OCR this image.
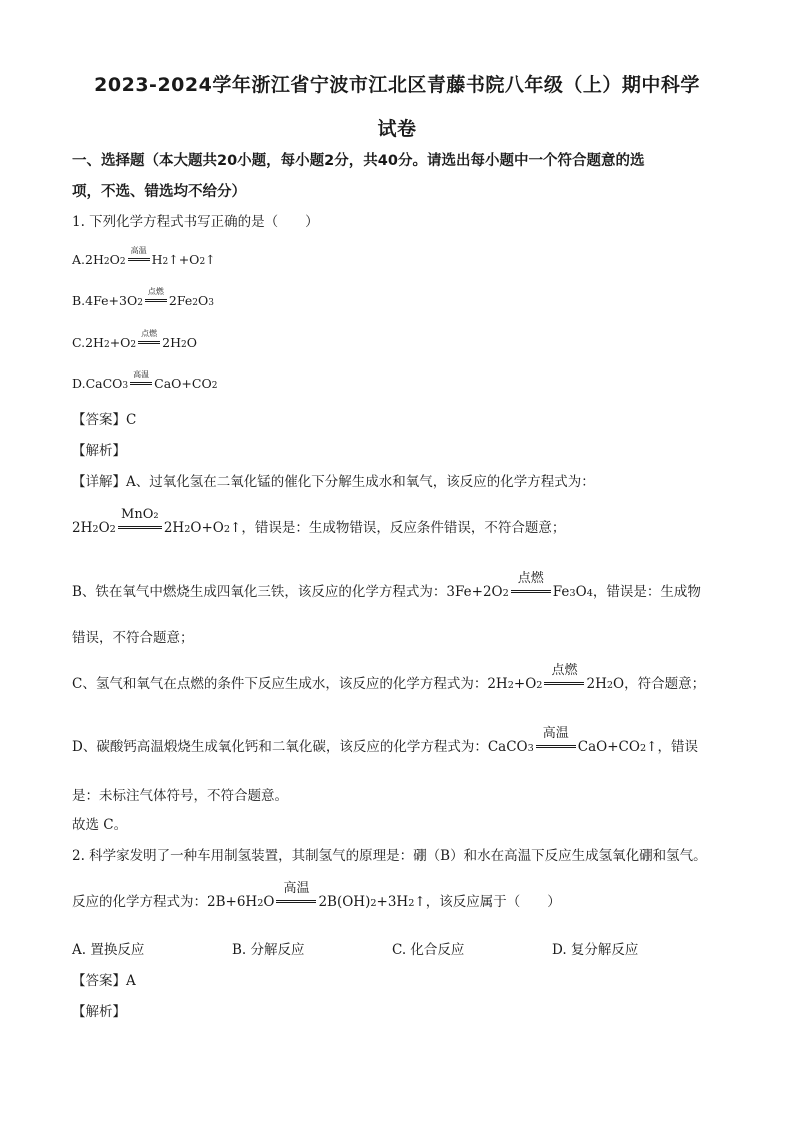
2023-2024学年浙江省宁波市江北区青藤书院八年级（上）期中科学
试卷
一、选择题（本大题共20小题，每小题2分，共40分。请选出每小题中一个符合题意的选
项，不选、错选均不给分）
1. 下列化学方程式书写正确的是（　　）
A. 2H 2 O 2
高温
H 2 ↑+O 2 ↑
B. 4Fe+3O 2
点燃
2Fe 2 O 3
C. 2H 2 +O 2
点燃
2H 2 O
D. CaCO 3
高温
CaO+CO 2
【答案】C
【解析】
【详解】A、过氧化氢在二氧化锰的催化下分解生成水和氧气，该反应的化学方程式为：
2H 2 O 2
MnO₂
2H 2 O+O 2 ↑ ，错误是：生成物错误，反应条件错误，不符合题意；
B、铁在氧气中燃烧生成四氧化三铁，该反应的化学方程式为： 3Fe+2O 2
点燃
Fe 3 O 4 ，错误是：生成物
错误，不符合题意；
C、氢气和氧气在点燃的条件下反应生成水，该反应的化学方程式为： 2H 2 +O 2
点燃
2H 2 O ，符合题意；
D、碳酸钙高温煅烧生成氧化钙和二氧化碳，该反应的化学方程式为： CaCO 3
高温
CaO+CO 2 ↑ ，错误
是：未标注气体符号，不符合题意。
故选 C。
2. 科学家发明了一种车用制氢装置，其制氢气的原理是：硼（B）和水在高温下反应生成氢氧化硼和氢气。
反应的化学方程式为： 2B+6H 2 O
高温
2B (OH) 2 +3H 2 ↑ ，该反应属于（　　）
A. 置换反应	B. 分解反应	C. 化合反应	D. 复分解反应
【答案】A
【解析】
